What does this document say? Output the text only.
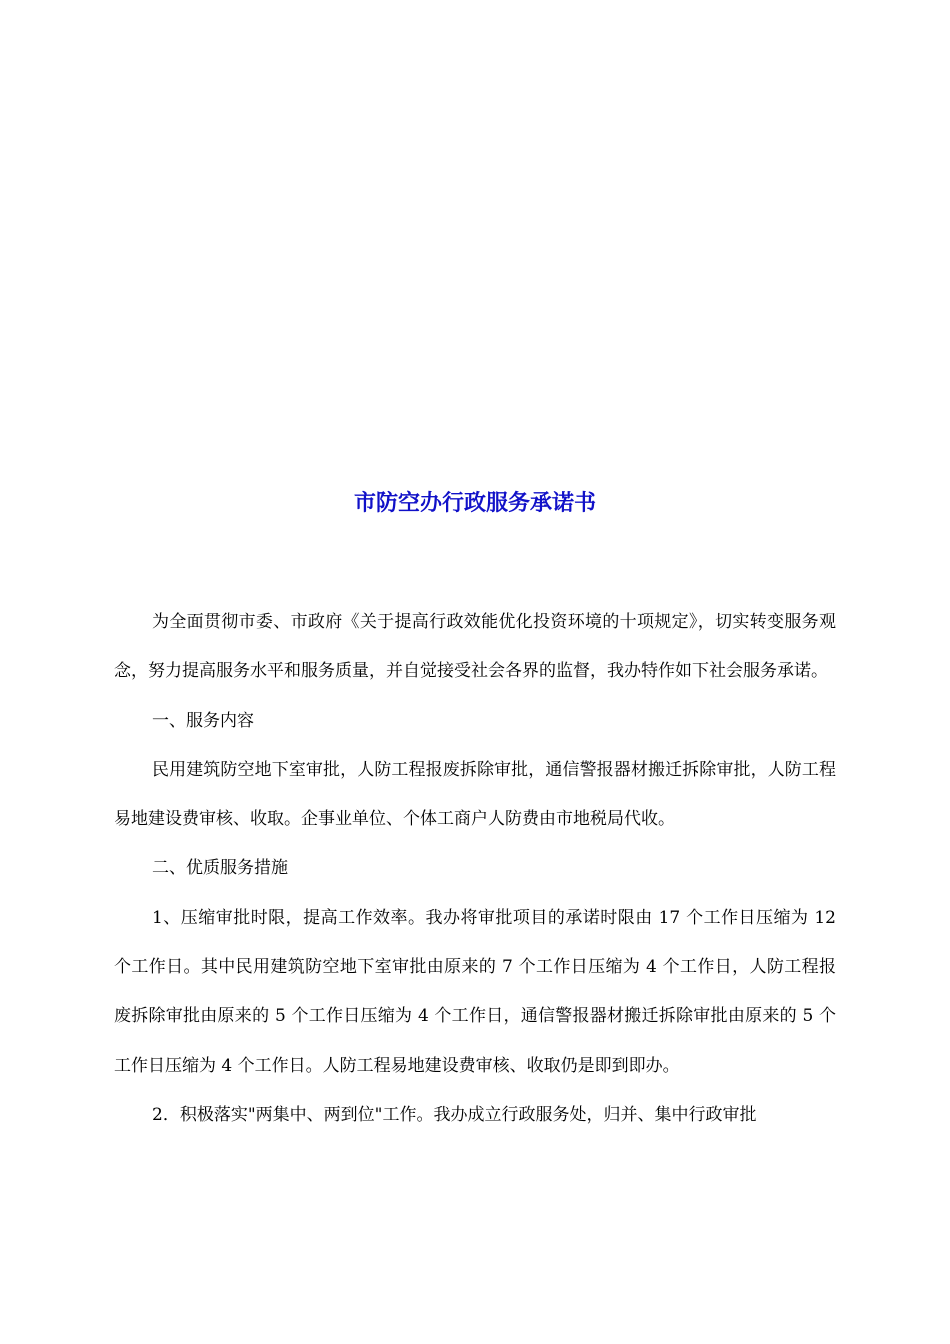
市防空办行政服务承诺书

为全面贯彻市委、市政府《关于提高行政效能优化投资环境的十项规定》，切实转变服务观念，努力提高服务水平和服务质量，并自觉接受社会各界的监督，我办特作如下社会服务承诺。

一、服务内容

民用建筑防空地下室审批，人防工程报废拆除审批，通信警报器材搬迁拆除审批，人防工程易地建设费审核、收取。企事业单位、个体工商户人防费由市地税局代收。

二、优质服务措施

1、压缩审批时限，提高工作效率。我办将审批项目的承诺时限由 17 个工作日压缩为 12 个工作日。其中民用建筑防空地下室审批由原来的 7 个工作日压缩为 4 个工作日，人防工程报废拆除审批由原来的 5 个工作日压缩为 4 个工作日，通信警报器材搬迁拆除审批由原来的 5 个工作日压缩为 4 个工作日。人防工程易地建设费审核、收取仍是即到即办。

2．积极落实"两集中、两到位"工作。我办成立行政服务处，归并、集中行政审批
